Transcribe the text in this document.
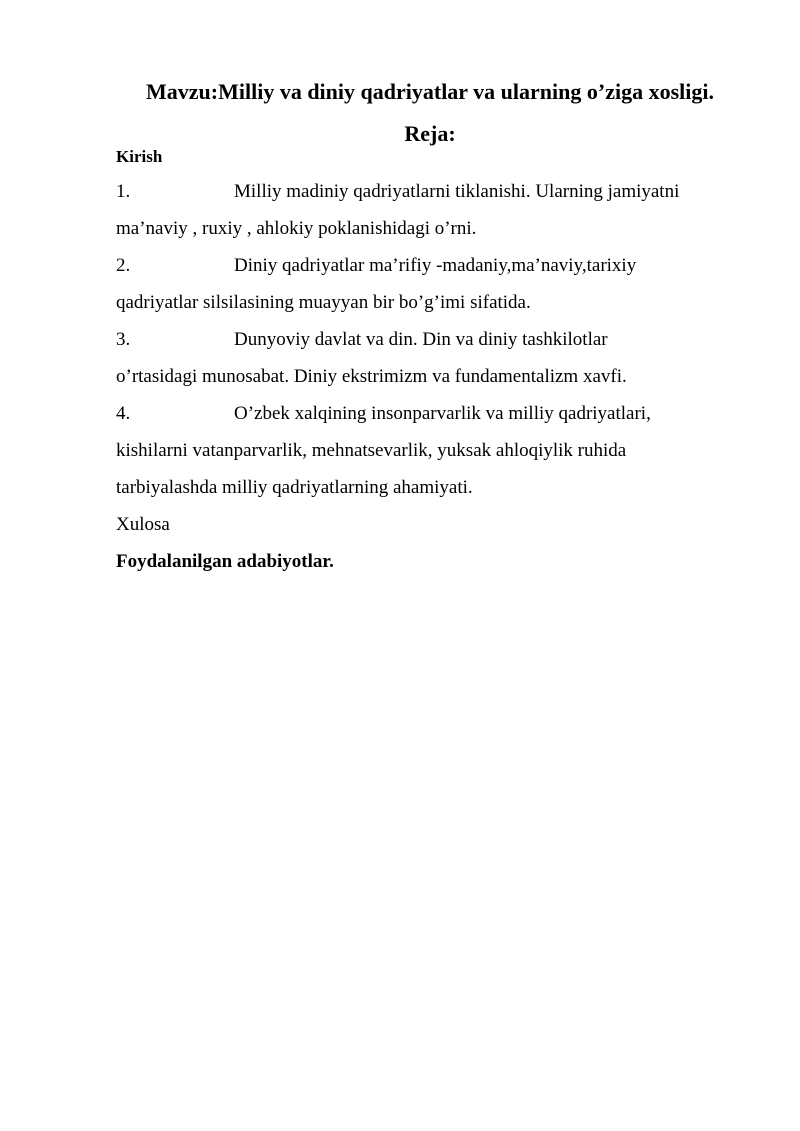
Mavzu:Milliy va diniy qadriyatlar va ularning o’ziga xosligi.
Reja:
Kirish
1.	Milliy madiniy qadriyatlarni tiklanishi. Ularning jamiyatni
ma’naviy , ruxiy , ahlokiy poklanishidagi o’rni.
2.	Diniy qadriyatlar ma’rifiy -madaniy,ma’naviy,tarixiy
qadriyatlar silsilasining muayyan bir bo’g’imi sifatida.
3.	Dunyoviy davlat va din. Din va diniy tashkilotlar
o’rtasidagi munosabat. Diniy ekstrimizm va fundamentalizm xavfi.
4.	O’zbek xalqining insonparvarlik va milliy qadriyatlari,
kishilarni vatanparvarlik, mehnatsevarlik, yuksak ahloqiylik ruhida
tarbiyalashda milliy qadriyatlarning ahamiyati.
Xulosa
Foydalanilgan adabiyotlar.
